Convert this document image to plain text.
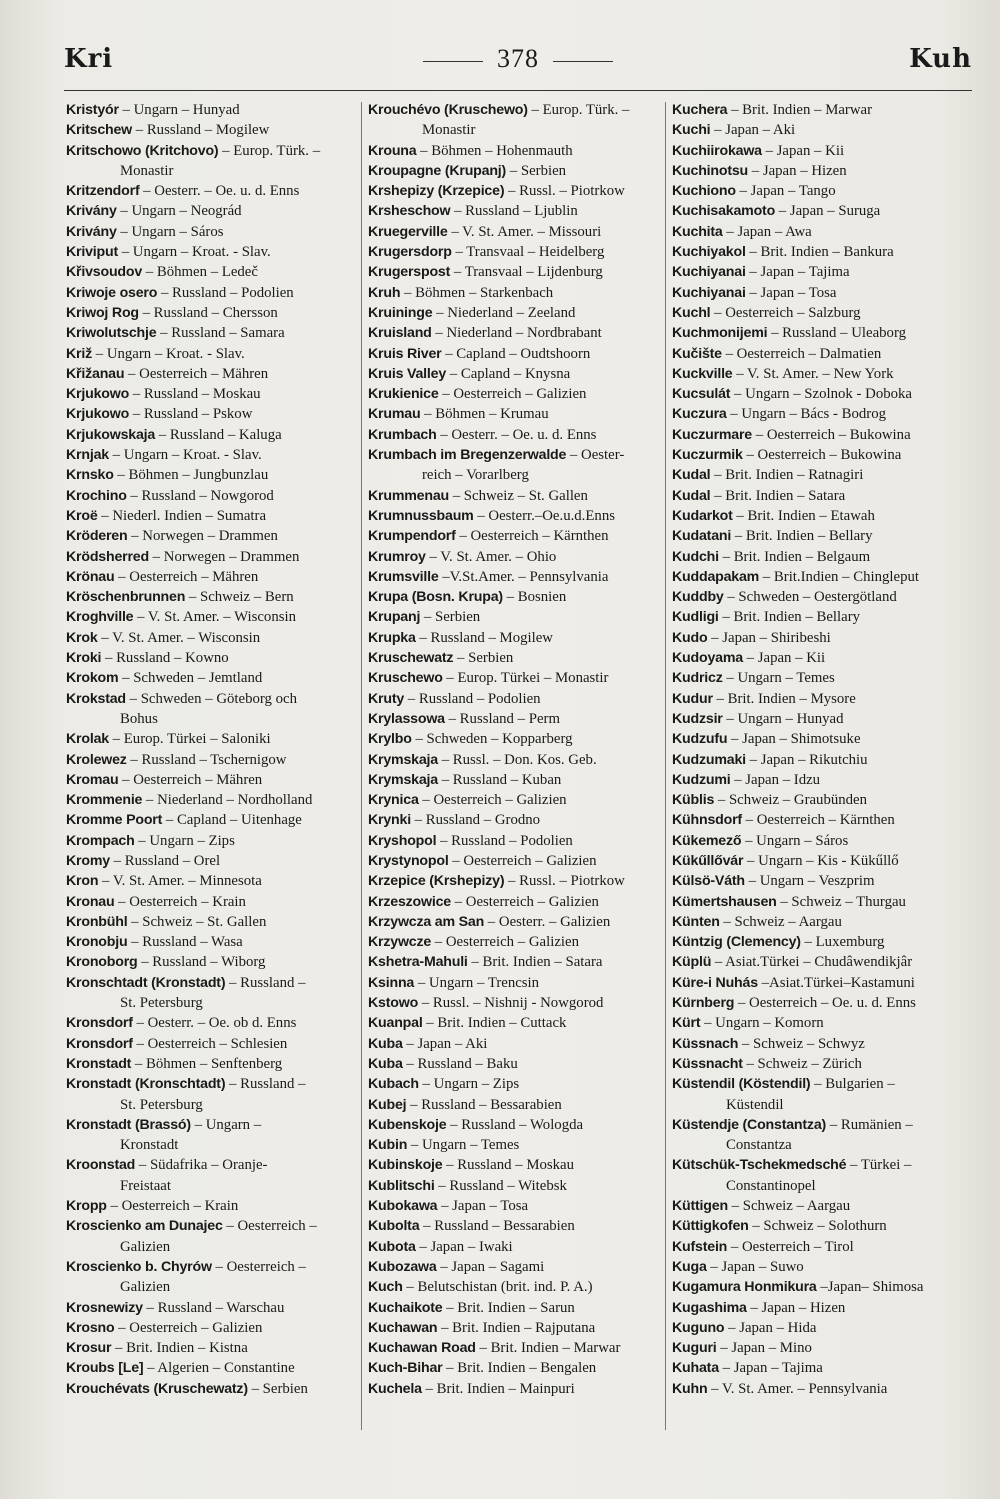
Kri	378	Kuh
Kristyór – Ungarn – Hunyad
Kritschew – Russland – Mogilew
Kritschowo (Kritchovo) – Europ. Türk. –
Monastir
Kritzendorf – Oesterr. – Oe. u. d. Enns
Krivány – Ungarn – Neográd
Krivány – Ungarn – Sáros
Kriviput – Ungarn – Kroat. - Slav.
Křivsoudov – Böhmen – Ledeč
Kriwoje osero – Russland – Podolien
Kriwoj Rog – Russland – Chersson
Kriwolutschje – Russland – Samara
Križ – Ungarn – Kroat. - Slav.
Křižanau – Oesterreich – Mähren
Krjukowo – Russland – Moskau
Krjukowo – Russland – Pskow
Krjukowskaja – Russland – Kaluga
Krnjak – Ungarn – Kroat. - Slav.
Krnsko – Böhmen – Jungbunzlau
Krochino – Russland – Nowgorod
Kroë – Niederl. Indien – Sumatra
Kröderen – Norwegen – Drammen
Krödsherred – Norwegen – Drammen
Krönau – Oesterreich – Mähren
Kröschenbrunnen – Schweiz – Bern
Kroghville – V. St. Amer. – Wisconsin
Krok – V. St. Amer. – Wisconsin
Kroki – Russland – Kowno
Krokom – Schweden – Jemtland
Krokstad – Schweden – Göteborg och
Bohus
Krolak – Europ. Türkei – Saloniki
Krolewez – Russland – Tschernigow
Kromau – Oesterreich – Mähren
Krommenie – Niederland – Nordholland
Kromme Poort – Capland – Uitenhage
Krompach – Ungarn – Zips
Kromy – Russland – Orel
Kron – V. St. Amer. – Minnesota
Kronau – Oesterreich – Krain
Kronbühl – Schweiz – St. Gallen
Kronobju – Russland – Wasa
Kronoborg – Russland – Wiborg
Kronschtadt (Kronstadt) – Russland –
St. Petersburg
Kronsdorf – Oesterr. – Oe. ob d. Enns
Kronsdorf – Oesterreich – Schlesien
Kronstadt – Böhmen – Senftenberg
Kronstadt (Kronschtadt) – Russland –
St. Petersburg
Kronstadt (Brassó) – Ungarn –
Kronstadt
Kroonstad – Südafrika – Oranje-
Freistaat
Kropp – Oesterreich – Krain
Kroscienko am Dunajec – Oesterreich –
Galizien
Kroscienko b. Chyrów – Oesterreich –
Galizien
Krosnewizy – Russland – Warschau
Krosno – Oesterreich – Galizien
Krosur – Brit. Indien – Kistna
Kroubs [Le] – Algerien – Constantine
Krouchévats (Kruschewatz) – Serbien
Krouchévo (Kruschewo) – Europ. Türk. –
Monastir
Krouna – Böhmen – Hohenmauth
Kroupagne (Krupanj) – Serbien
Krshepizy (Krzepice) – Russl. – Piotrkow
Krsheschow – Russland – Ljublin
Kruegerville – V. St. Amer. – Missouri
Krugersdorp – Transvaal – Heidelberg
Krugerspost – Transvaal – Lijdenburg
Kruh – Böhmen – Starkenbach
Kruininge – Niederland – Zeeland
Kruisland – Niederland – Nordbrabant
Kruis River – Capland – Oudtshoorn
Kruis Valley – Capland – Knysna
Krukienice – Oesterreich – Galizien
Krumau – Böhmen – Krumau
Krumbach – Oesterr. – Oe. u. d. Enns
Krumbach im Bregenzerwalde – Oester-
reich – Vorarlberg
Krummenau – Schweiz – St. Gallen
Krumnussbaum – Oesterr.–Oe.u.d.Enns
Krumpendorf – Oesterreich – Kärnthen
Krumroy – V. St. Amer. – Ohio
Krumsville –V.St.Amer. – Pennsylvania
Krupa (Bosn. Krupa) – Bosnien
Krupanj – Serbien
Krupka – Russland – Mogilew
Kruschewatz – Serbien
Kruschewo – Europ. Türkei – Monastir
Kruty – Russland – Podolien
Krylassowa – Russland – Perm
Krylbo – Schweden – Kopparberg
Krymskaja – Russl. – Don. Kos. Geb.
Krymskaja – Russland – Kuban
Krynica – Oesterreich – Galizien
Krynki – Russland – Grodno
Kryshopol – Russland – Podolien
Krystynopol – Oesterreich – Galizien
Krzepice (Krshepizy) – Russl. – Piotrkow
Krzeszowice – Oesterreich – Galizien
Krzywcza am San – Oesterr. – Galizien
Krzywcze – Oesterreich – Galizien
Kshetra-Mahuli – Brit. Indien – Satara
Ksinna – Ungarn – Trencsin
Kstowo – Russl. – Nishnij - Nowgorod
Kuanpal – Brit. Indien – Cuttack
Kuba – Japan – Aki
Kuba – Russland – Baku
Kubach – Ungarn – Zips
Kubej – Russland – Bessarabien
Kubenskoje – Russland – Wologda
Kubin – Ungarn – Temes
Kubinskoje – Russland – Moskau
Kublitschi – Russland – Witebsk
Kubokawa – Japan – Tosa
Kubolta – Russland – Bessarabien
Kubota – Japan – Iwaki
Kubozawa – Japan – Sagami
Kuch – Belutschistan (brit. ind. P. A.)
Kuchaikote – Brit. Indien – Sarun
Kuchawan – Brit. Indien – Rajputana
Kuchawan Road – Brit. Indien – Marwar
Kuch-Bihar – Brit. Indien – Bengalen
Kuchela – Brit. Indien – Mainpuri
Kuchera – Brit. Indien – Marwar
Kuchi – Japan – Aki
Kuchiirokawa – Japan – Kii
Kuchinotsu – Japan – Hizen
Kuchiono – Japan – Tango
Kuchisakamoto – Japan – Suruga
Kuchita – Japan – Awa
Kuchiyakol – Brit. Indien – Bankura
Kuchiyanai – Japan – Tajima
Kuchiyanai – Japan – Tosa
Kuchl – Oesterreich – Salzburg
Kuchmonijemi – Russland – Uleaborg
Kučište – Oesterreich – Dalmatien
Kuckville – V. St. Amer. – New York
Kucsulát – Ungarn – Szolnok - Doboka
Kuczura – Ungarn – Bács - Bodrog
Kuczurmare – Oesterreich – Bukowina
Kuczurmik – Oesterreich – Bukowina
Kudal – Brit. Indien – Ratnagiri
Kudal – Brit. Indien – Satara
Kudarkot – Brit. Indien – Etawah
Kudatani – Brit. Indien – Bellary
Kudchi – Brit. Indien – Belgaum
Kuddapakam – Brit.Indien – Chingleput
Kuddby – Schweden – Oestergötland
Kudligi – Brit. Indien – Bellary
Kudo – Japan – Shiribeshi
Kudoyama – Japan – Kii
Kudricz – Ungarn – Temes
Kudur – Brit. Indien – Mysore
Kudzsir – Ungarn – Hunyad
Kudzufu – Japan – Shimotsuke
Kudzumaki – Japan – Rikutchiu
Kudzumi – Japan – Idzu
Küblis – Schweiz – Graubünden
Kühnsdorf – Oesterreich – Kärnthen
Kükemező – Ungarn – Sáros
Kükűllővár – Ungarn – Kis - Kükűllő
Külsö-Váth – Ungarn – Veszprim
Kümertshausen – Schweiz – Thurgau
Künten – Schweiz – Aargau
Küntzig (Clemency) – Luxemburg
Küplü – Asiat.Türkei – Chudâwendikjâr
Küre-i Nuhás –Asiat.Türkei–Kastamuni
Kürnberg – Oesterreich – Oe. u. d. Enns
Kürt – Ungarn – Komorn
Küssnach – Schweiz – Schwyz
Küssnacht – Schweiz – Zürich
Küstendil (Köstendil) – Bulgarien –
Küstendil
Küstendje (Constantza) – Rumänien –
Constantza
Kütschük-Tschekmedsché – Türkei –
Constantinopel
Küttigen – Schweiz – Aargau
Küttigkofen – Schweiz – Solothurn
Kufstein – Oesterreich – Tirol
Kuga – Japan – Suwo
Kugamura Honmikura –Japan– Shimosa
Kugashima – Japan – Hizen
Kuguno – Japan – Hida
Kuguri – Japan – Mino
Kuhata – Japan – Tajima
Kuhn – V. St. Amer. – Pennsylvania
